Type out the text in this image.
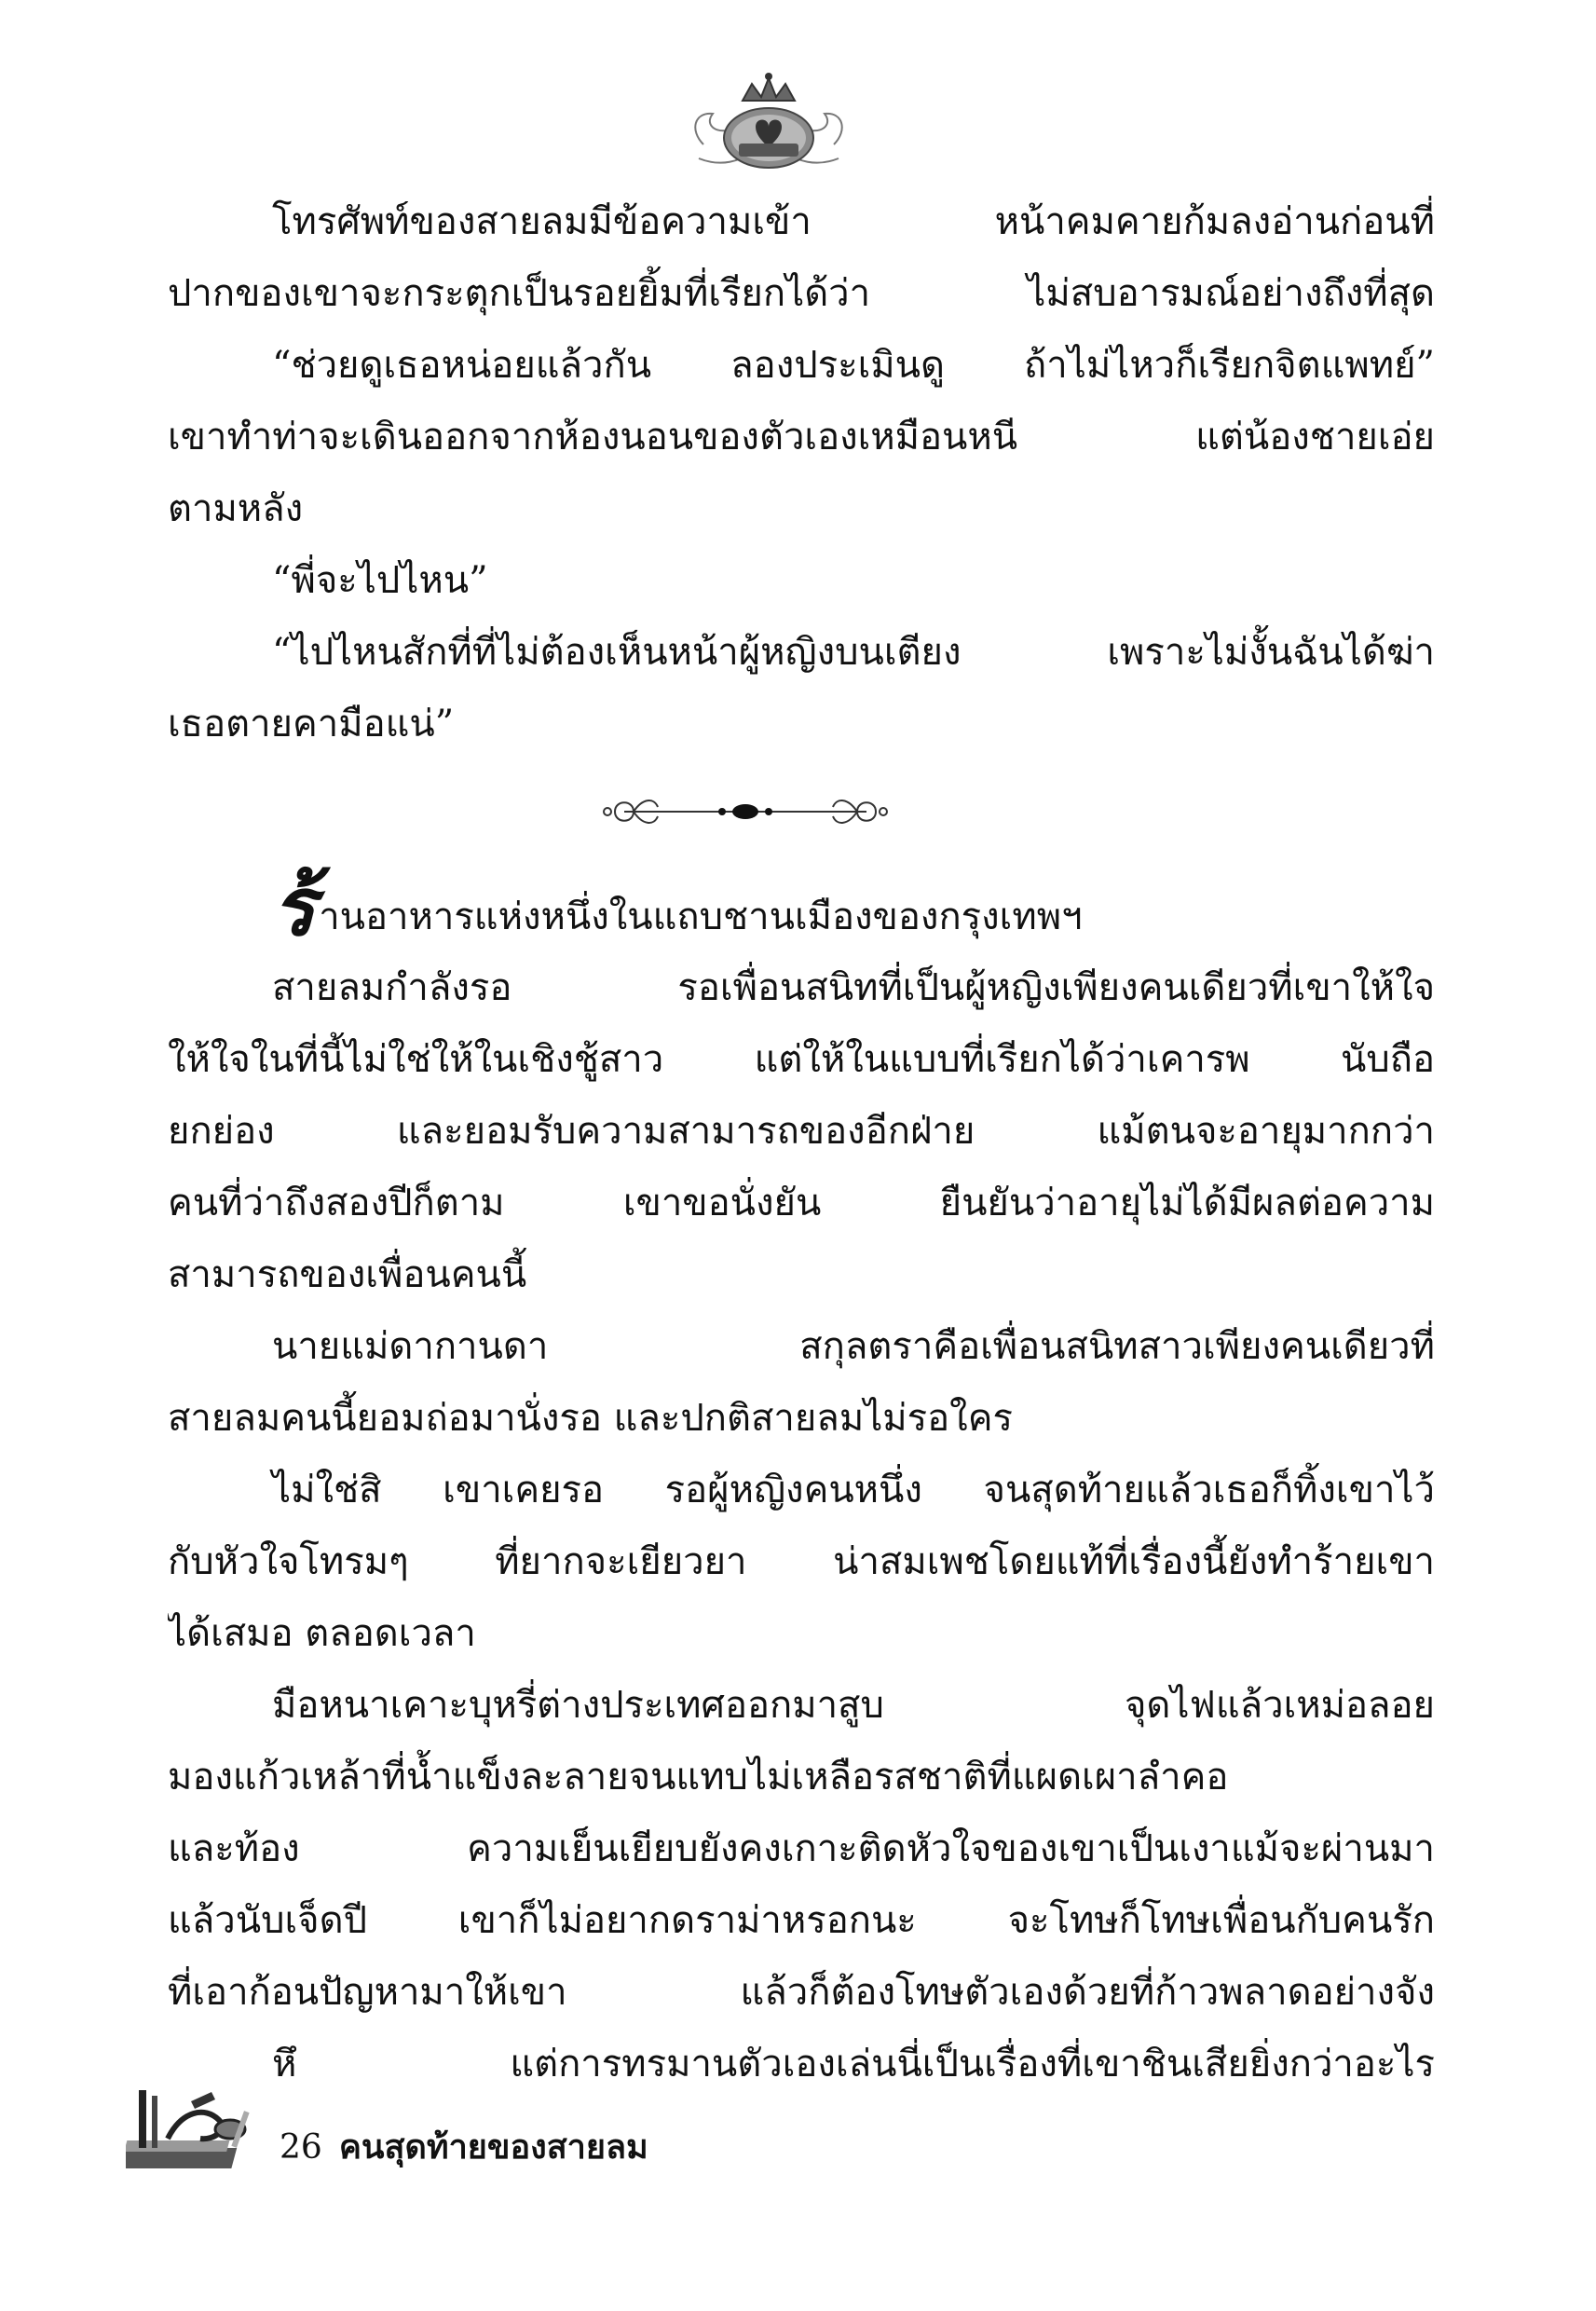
โทรศัพท์ของสายลมมีข้อความเข้า หน้าคมคายก้มลงอ่านก่อนที่
ปากของเขาจะกระตุกเป็นรอยยิ้มที่เรียกได้ว่า ไม่สบอารมณ์อย่างถึงที่สุด
“ช่วยดูเธอหน่อยแล้วกัน ลองประเมินดู ถ้าไม่ไหวก็เรียกจิตแพทย์”
เขาทำท่าจะเดินออกจากห้องนอนของตัวเองเหมือนหนี แต่น้องชายเอ่ย
ตามหลัง
“พี่จะไปไหน”
“ไปไหนสักที่ที่ไม่ต้องเห็นหน้าผู้หญิงบนเตียง เพราะไม่งั้นฉันได้ฆ่า
เธอตายคามือแน่”
ร้านอาหารแห่งหนึ่งในแถบชานเมืองของกรุงเทพฯ
สายลมกำลังรอ รอเพื่อนสนิทที่เป็นผู้หญิงเพียงคนเดียวที่เขาให้ใจ
ให้ใจในที่นี้ไม่ใช่ให้ในเชิงชู้สาว แต่ให้ในแบบที่เรียกได้ว่าเคารพ นับถือ
ยกย่อง และยอมรับความสามารถของอีกฝ่าย แม้ตนจะอายุมากกว่า
คนที่ว่าถึงสองปีก็ตาม เขาขอนั่งยัน ยืนยันว่าอายุไม่ได้มีผลต่อความ
สามารถของเพื่อนคนนี้
นายแม่ดากานดา สกุลตราคือเพื่อนสนิทสาวเพียงคนเดียวที่
สายลมคนนี้ยอมถ่อมานั่งรอ และปกติสายลมไม่รอใคร
ไม่ใช่สิ เขาเคยรอ รอผู้หญิงคนหนึ่ง จนสุดท้ายแล้วเธอก็ทิ้งเขาไว้
กับหัวใจโทรมๆ ที่ยากจะเยียวยา น่าสมเพชโดยแท้ที่เรื่องนี้ยังทำร้ายเขา
ได้เสมอ ตลอดเวลา
มือหนาเคาะบุหรี่ต่างประเทศออกมาสูบ จุดไฟแล้วเหม่อลอย
มองแก้วเหล้าที่น้ำแข็งละลายจนแทบไม่เหลือรสชาติที่แผดเผาลำคอ
และท้อง ความเย็นเยียบยังคงเกาะติดหัวใจของเขาเป็นเงาแม้จะผ่านมา
แล้วนับเจ็ดปี เขาก็ไม่อยากดราม่าหรอกนะ จะโทษก็โทษเพื่อนกับคนรัก
ที่เอาก้อนปัญหามาให้เขา แล้วก็ต้องโทษตัวเองด้วยที่ก้าวพลาดอย่างจัง
หึ แต่การทรมานตัวเองเล่นนี่เป็นเรื่องที่เขาชินเสียยิ่งกว่าอะไร
26 คนสุดท้ายของสายลม
